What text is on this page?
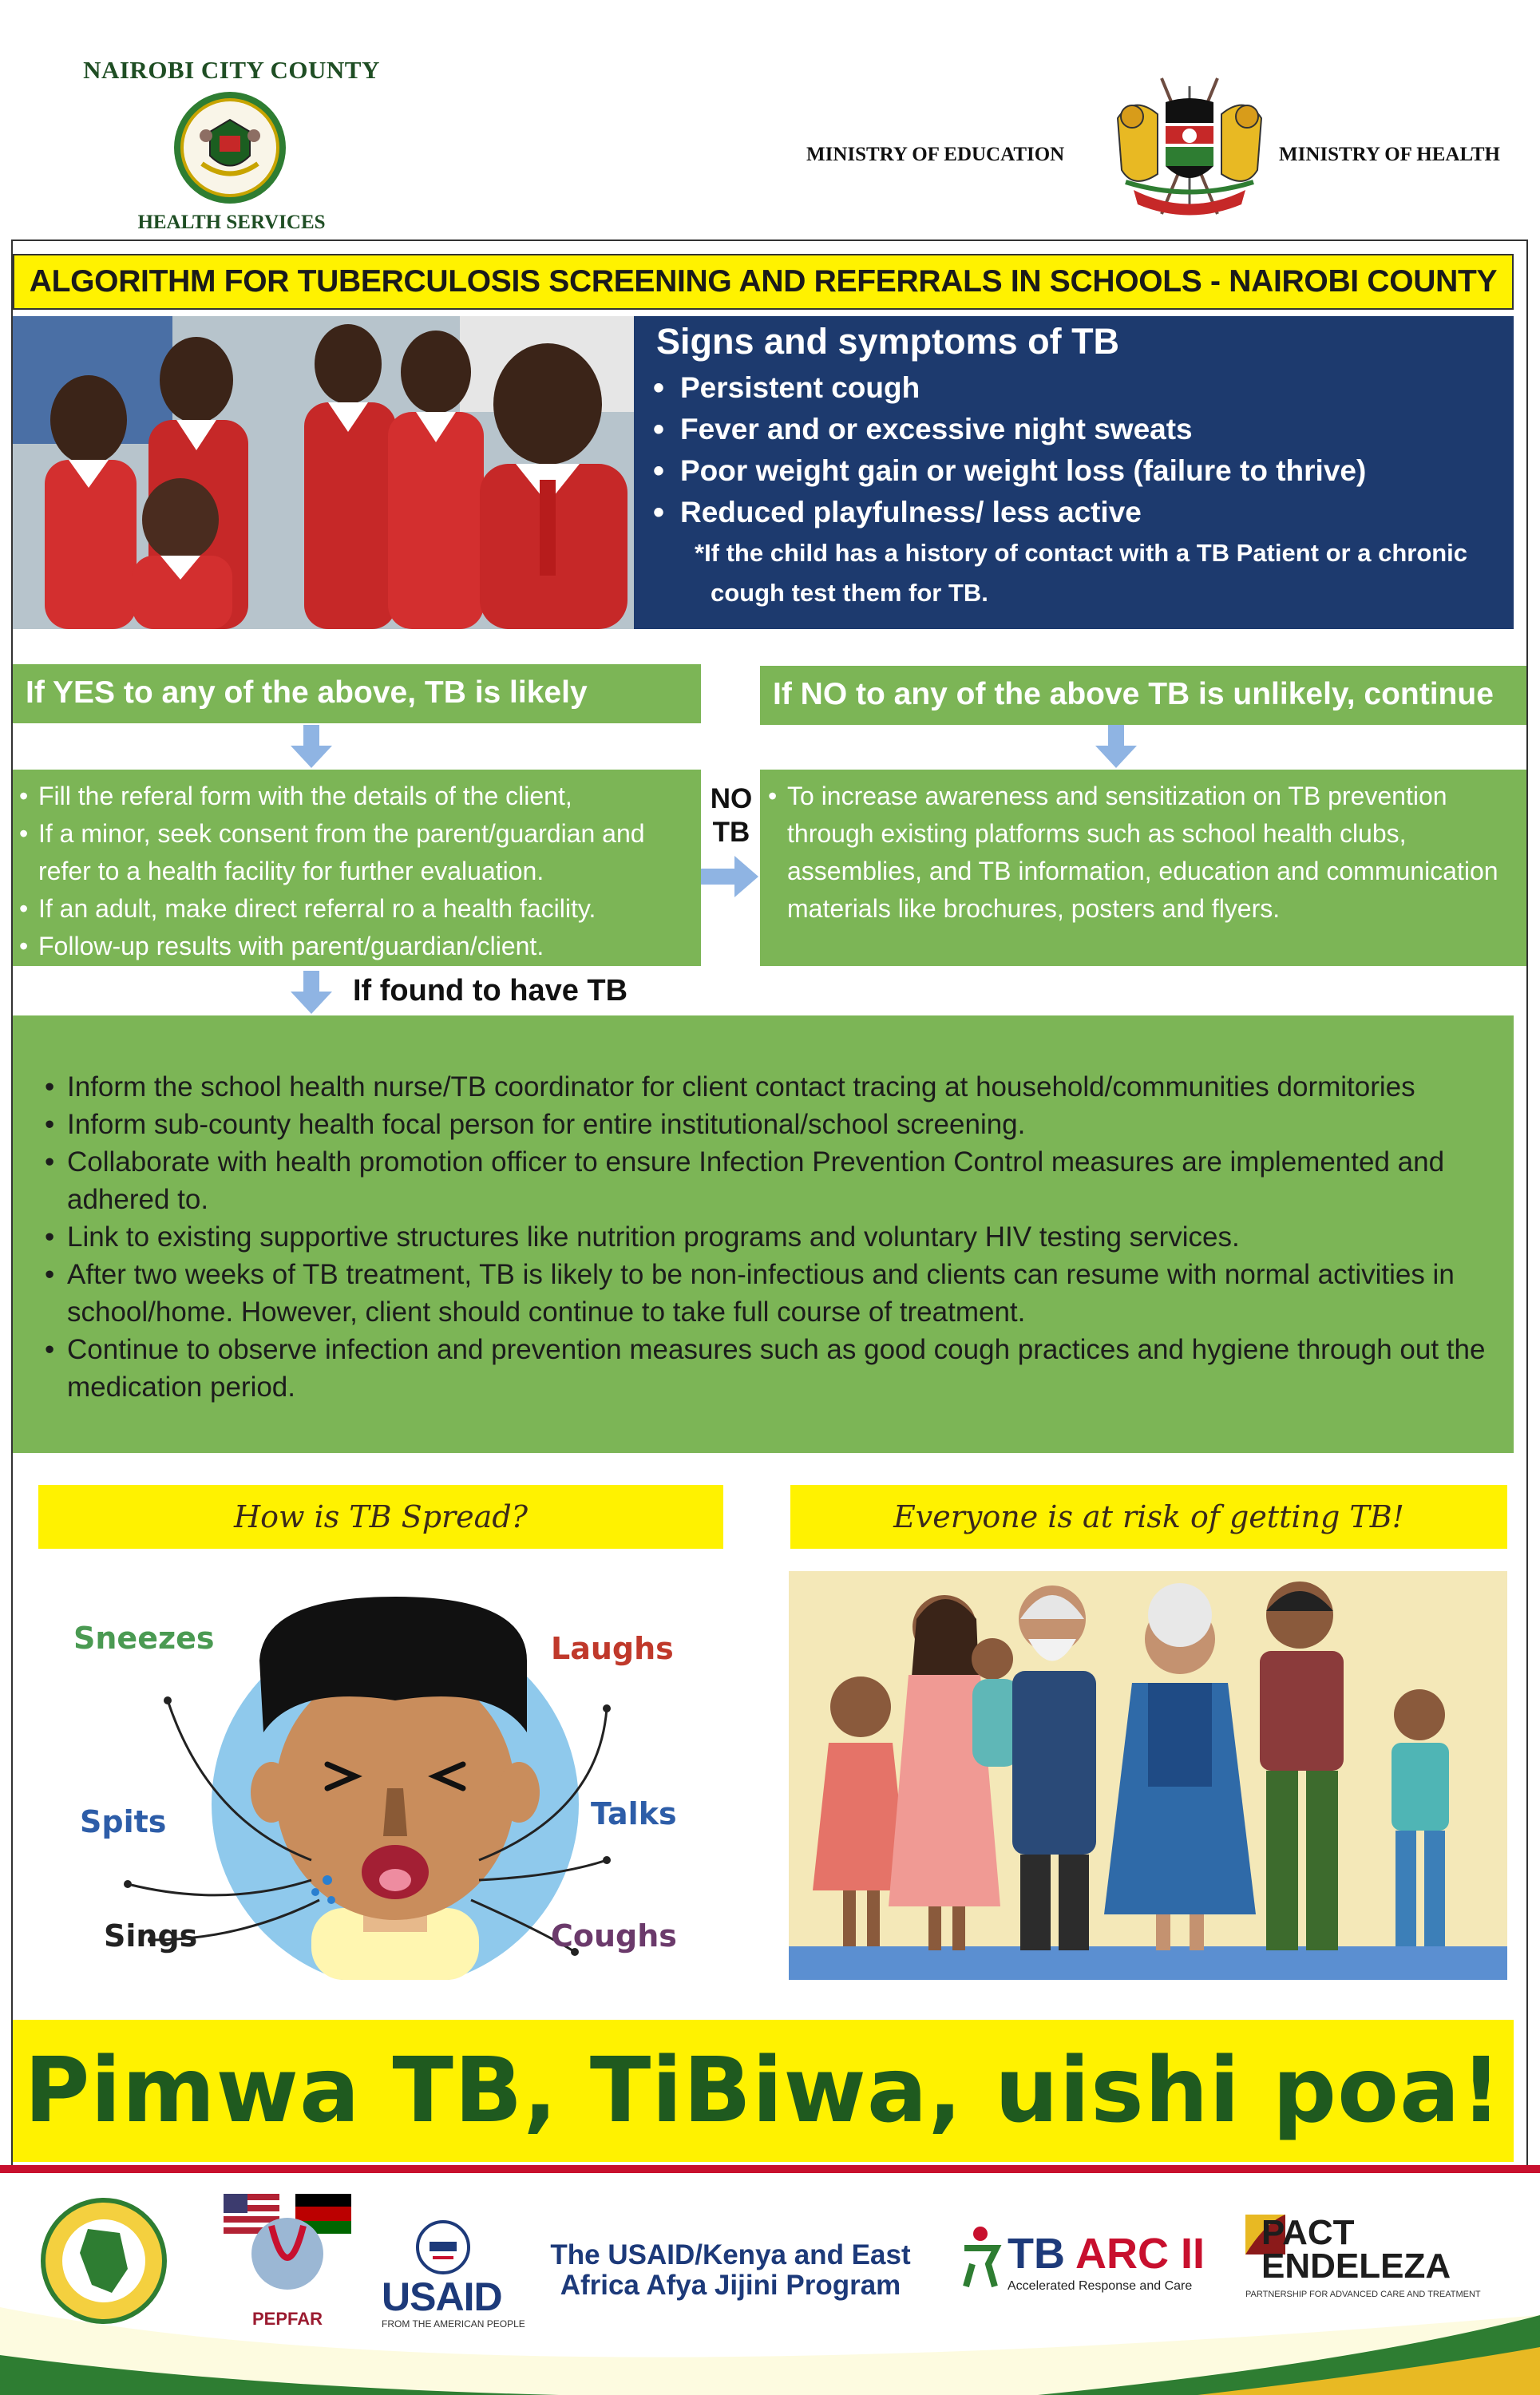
NAIROBI CITY COUNTY
HEALTH SERVICES
MINISTRY OF EDUCATION	MINISTRY OF HEALTH
ALGORITHM FOR TUBERCULOSIS SCREENING AND REFERRALS IN SCHOOLS - NAIROBI COUNTY
Signs and symptoms of TB
• Persistent cough
• Fever and or excessive night sweats
• Poor weight gain or weight loss (failure to thrive)
• Reduced playfulness/ less active
*If the child has a history of contact with a TB Patient or a chronic cough test them for TB.
If YES to any of the above, TB is likely	If NO to any of the above TB is unlikely, continue
• Fill the referal form with the details of the client,
• If a minor, seek consent from the parent/guardian and refer to a health facility for further evaluation.
• If an adult, make direct referral ro a health facility.
• Follow-up results with parent/guardian/client.
NO
TB
• To increase awareness and sensitization on TB prevention through existing platforms such as school health clubs, assemblies, and TB information, education and communication materials like brochures, posters and flyers.
If found to have TB
• Inform the school health nurse/TB coordinator for client contact tracing at household/communities dormitories
• Inform sub-county health focal person for entire institutional/school screening.
• Collaborate with health promotion officer to ensure Infection Prevention Control measures are implemented and adhered to.
• Link to existing supportive structures like nutrition programs and voluntary HIV testing services.
• After two weeks of TB treatment, TB is likely to be non-infectious and clients can resume with normal activities in school/home. However, client should continue to take full course of treatment.
• Continue to observe infection and prevention measures such as good cough practices and hygiene through out the medication period.
How is TB Spread?	Everyone is at risk of getting TB!
Sneezes	Laughs
Spits	Talks
Sings	Coughs
Pimwa TB, TiBiwa, uishi poa!
PEPFAR	USAID
FROM THE AMERICAN PEOPLE
The USAID/Kenya and East
Africa Afya Jijini Program
TB ARC II
Accelerated Response and Care
PACT
ENDELEZA
PARTNERSHIP FOR ADVANCED CARE AND TREATMENT
